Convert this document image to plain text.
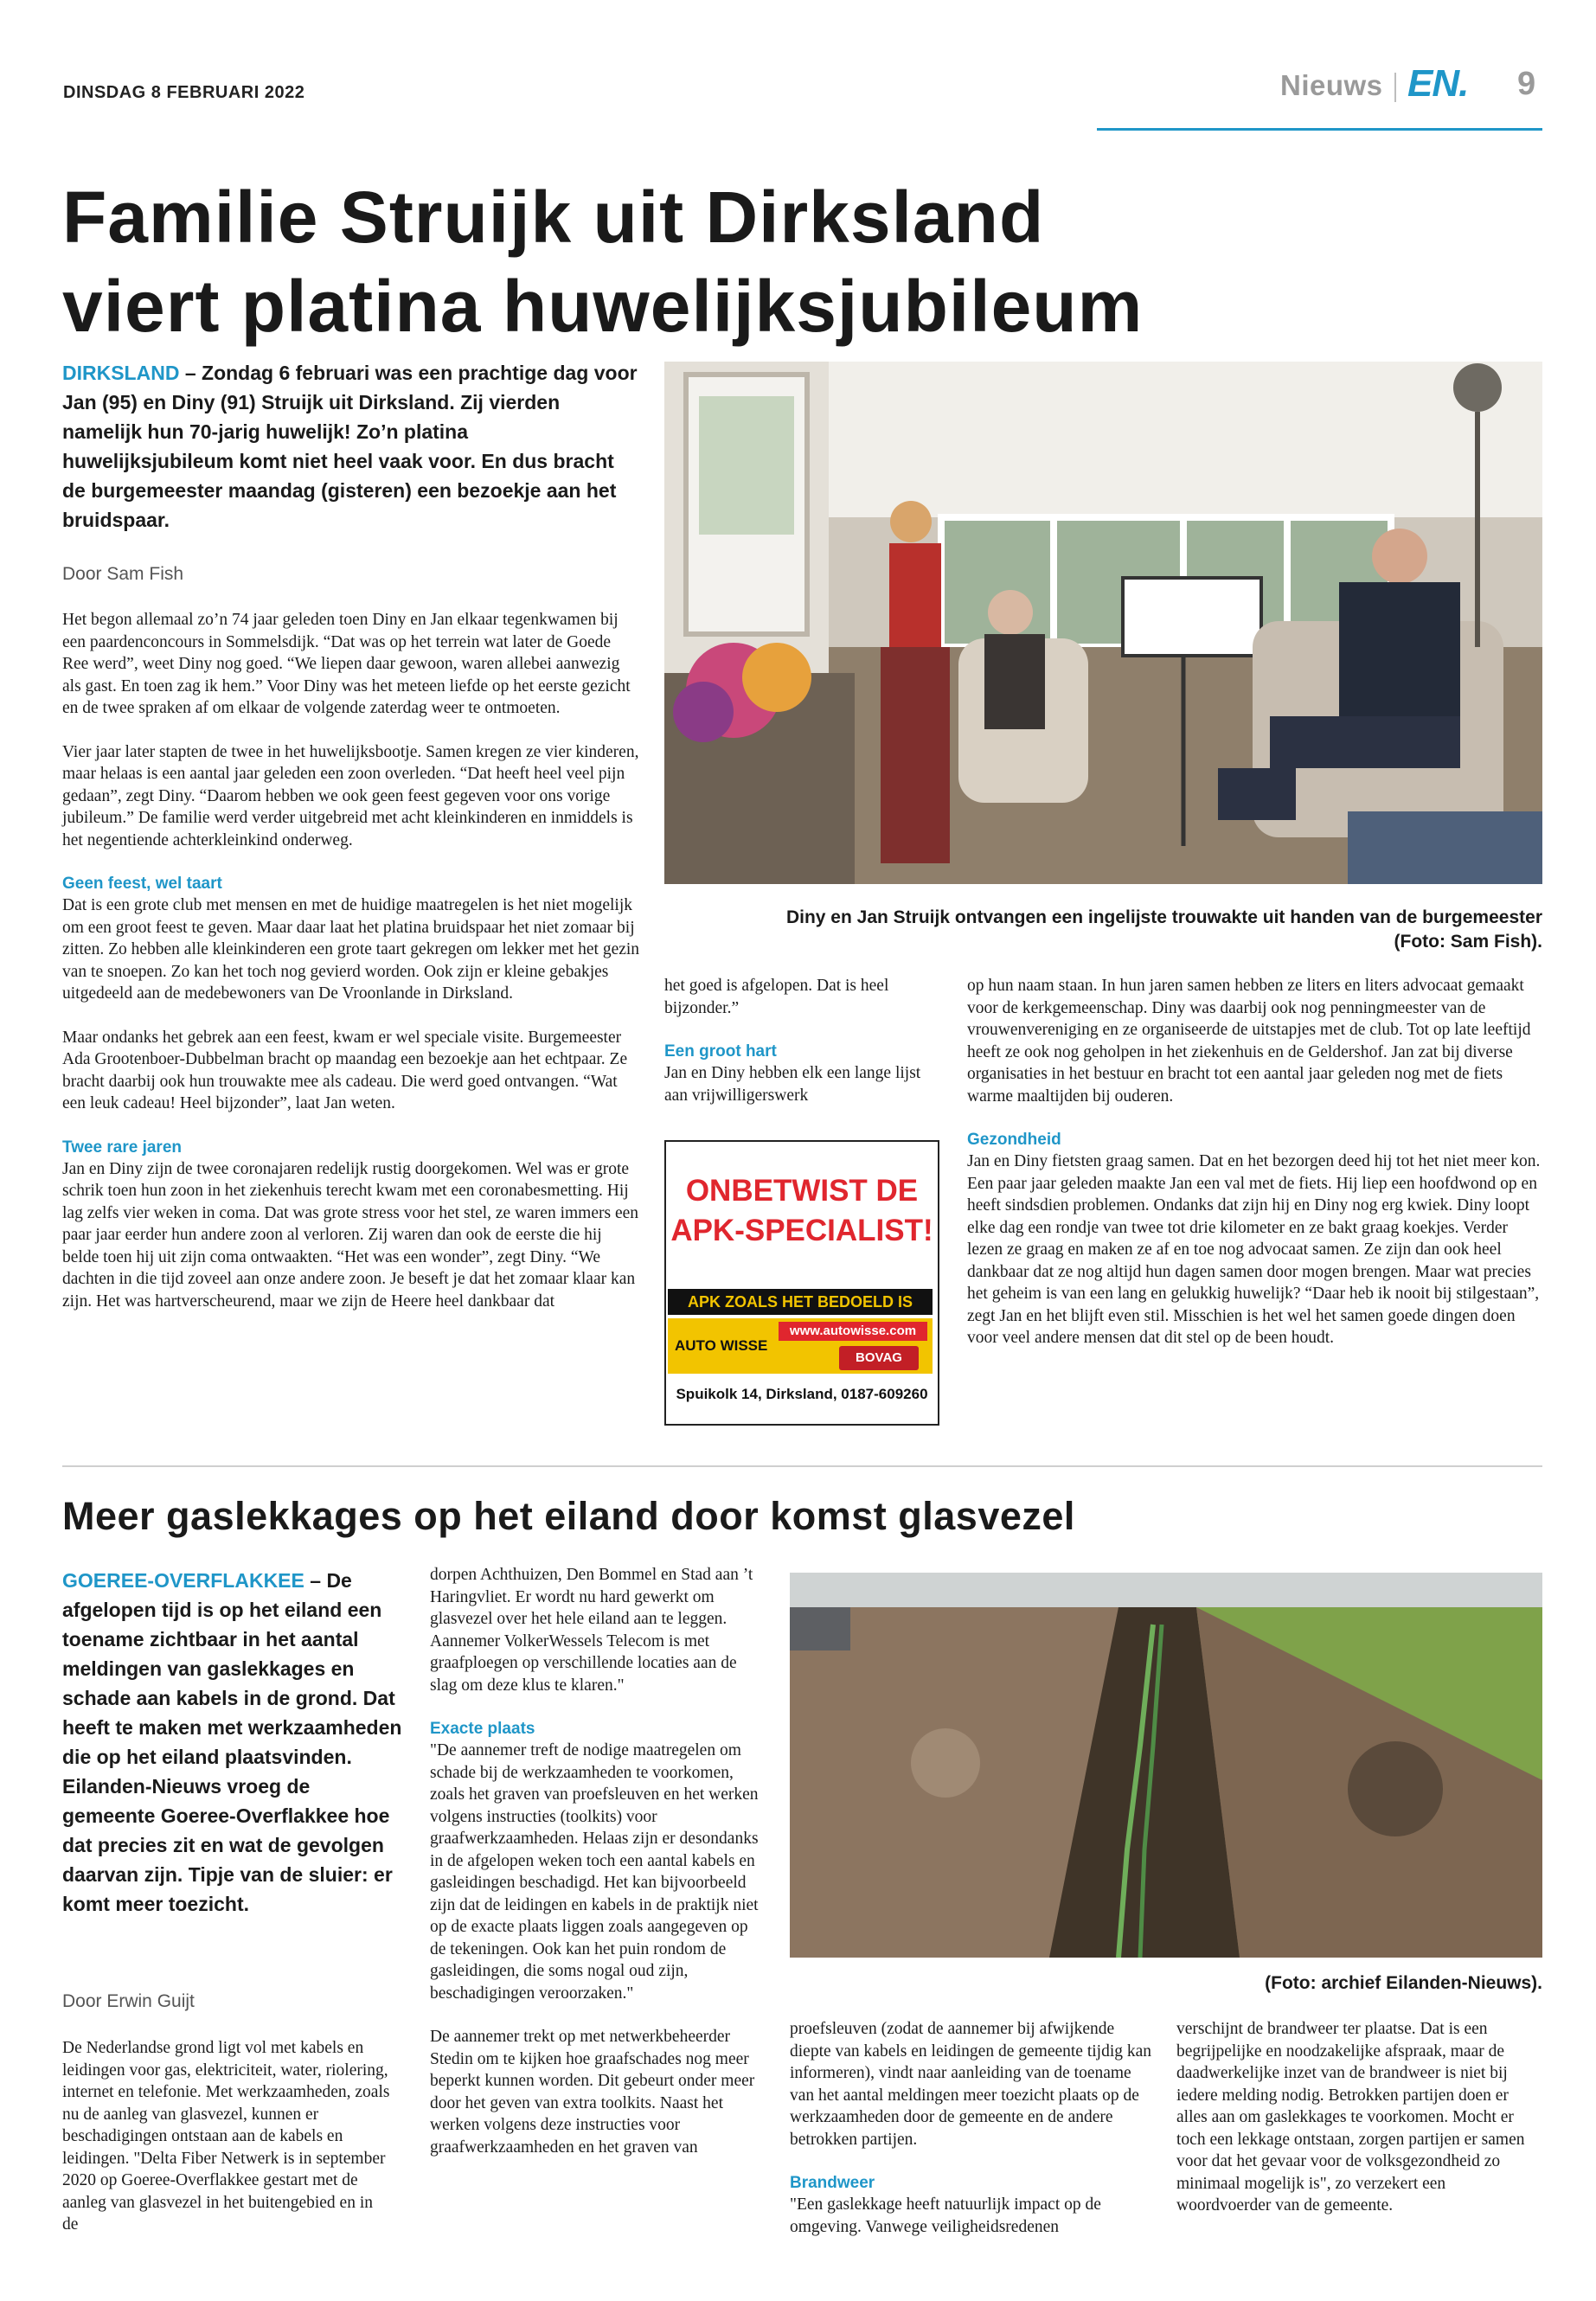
DINSDAG 8 FEBRUARI 2022	Nieuws EN. 9
Familie Struijk uit Dirksland
viert platina huwelijksjubileum
DIRKSLAND – Zondag 6 februari was een prachtige dag voor Jan (95) en Diny (91) Struijk uit Dirksland. Zij vierden namelijk hun 70-jarig huwelijk! Zo’n platina huwelijksjubileum komt niet heel vaak voor. En dus bracht de burgemeester maandag (gisteren) een bezoekje aan het bruidspaar.
Door Sam Fish

Het begon allemaal zo’n 74 jaar geleden toen Diny en Jan elkaar tegenkwamen bij een paardenconcours in Sommelsdijk. “Dat was op het terrein wat later de Goede Ree werd”, weet Diny nog goed. “We liepen daar gewoon, waren allebei aanwezig als gast. En toen zag ik hem.” Voor Diny was het meteen liefde op het eerste gezicht en de twee spraken af om elkaar de volgende zaterdag weer te ontmoeten.

Vier jaar later stapten de twee in het huwelijksbootje. Samen kregen ze vier kinderen, maar helaas is een aantal jaar geleden een zoon overleden. “Dat heeft heel veel pijn gedaan”, zegt Diny. “Daarom hebben we ook geen feest gegeven voor ons vorige jubileum.” De familie werd verder uitgebreid met acht kleinkinderen en inmiddels is het negentiende achterkleinkind onderweg.

Geen feest, wel taart

Dat is een grote club met mensen en met de huidige maatregelen is het niet mogelijk om een groot feest te geven. Maar daar laat het platina bruidspaar het niet zomaar bij zitten. Zo hebben alle kleinkinderen een grote taart gekregen om lekker met het gezin van te snoepen. Zo kan het toch nog gevierd worden. Ook zijn er kleine gebakjes uitgedeeld aan de medebewoners van De Vroonlande in Dirksland.

Maar ondanks het gebrek aan een feest, kwam er wel speciale visite. Burgemeester Ada Grootenboer-Dubbelman bracht op maandag een bezoekje aan het echtpaar. Ze bracht daarbij ook hun trouwakte mee als cadeau. Die werd goed ontvangen. “Wat een leuk cadeau! Heel bijzonder”, laat Jan weten.

Twee rare jaren

Jan en Diny zijn de twee coronajaren redelijk rustig doorgekomen. Wel was er grote schrik toen hun zoon in het ziekenhuis terecht kwam met een coronabesmetting. Hij lag zelfs vier weken in coma. Dat was grote stress voor het stel, ze waren immers een paar jaar eerder hun andere zoon al verloren. Zij waren dan ook de eerste die hij belde toen hij uit zijn coma ontwaakten. “Het was een wonder”, zegt Diny. “We dachten in die tijd zoveel aan onze andere zoon. Je beseft je dat het zomaar klaar kan zijn. Het was hartverscheurend, maar we zijn de Heere heel dankbaar dat

Diny en Jan Struijk ontvangen een ingelijste trouwakte uit handen van de burgemeester
(Foto: Sam Fish).

het goed is afgelopen. Dat is heel bijzonder.”

Een groot hart

Jan en Diny hebben elk een lange lijst aan vrijwilligerswerk

ONBETWIST DE
APK-SPECIALIST!
APK ZOALS HET BEDOELD IS
AUTO WISSE
www.autowisse.com
BOVAG
Spuikolk 14, Dirksland, 0187-609260

op hun naam staan. In hun jaren samen hebben ze liters en liters advocaat gemaakt voor de kerkgemeenschap. Diny was daarbij ook nog penningmeester van de vrouwenvereniging en ze organiseerde de uitstapjes met de club. Tot op late leeftijd heeft ze ook nog geholpen in het ziekenhuis en de Geldershof. Jan zat bij diverse organisaties in het bestuur en bracht tot een aantal jaar geleden nog met de fiets warme maaltijden bij ouderen.

Gezondheid

Jan en Diny fietsten graag samen. Dat en het bezorgen deed hij tot het niet meer kon. Een paar jaar geleden maakte Jan een val met de fiets. Hij liep een hoofdwond op en heeft sindsdien problemen. Ondanks dat zijn hij en Diny nog erg kwiek. Diny loopt elke dag een rondje van twee tot drie kilometer en ze bakt graag koekjes. Verder lezen ze graag en maken ze af en toe nog advocaat samen. Ze zijn dan ook heel dankbaar dat ze nog altijd hun dagen samen door mogen brengen. Maar wat precies het geheim is van een lang en gelukkig huwelijk? “Daar heb ik nooit bij stilgestaan”, zegt Jan en het blijft even stil. Misschien is het wel het samen goede dingen doen voor veel andere mensen dat dit stel op de been houdt.

Meer gaslekkages op het eiland door komst glasvezel
GOEREE-OVERFLAKKEE – De afgelopen tijd is op het eiland een toename zichtbaar in het aantal meldingen van gaslekkages en schade aan kabels in de grond. Dat heeft te maken met werkzaamheden die op het eiland plaatsvinden. Eilanden-Nieuws vroeg de gemeente Goeree-Overflakkee hoe dat precies zit en wat de gevolgen daarvan zijn. Tipje van de sluier: er komt meer toezicht.
Door Erwin Guijt

De Nederlandse grond ligt vol met kabels en leidingen voor gas, elektriciteit, water, riolering, internet en telefonie. Met werkzaamheden, zoals nu de aanleg van glasvezel, kunnen er beschadigingen ontstaan aan de kabels en leidingen. "Delta Fiber Netwerk is in september 2020 op Goeree-Overflakkee gestart met de aanleg van glasvezel in het buitengebied en in de

dorpen Achthuizen, Den Bommel en Stad aan ’t Haringvliet. Er wordt nu hard gewerkt om glasvezel over het hele eiland aan te leggen. Aannemer VolkerWessels Telecom is met graafploegen op verschillende locaties aan de slag om deze klus te klaren."

Exacte plaats

"De aannemer treft de nodige maatregelen om schade bij de werkzaamheden te voorkomen, zoals het graven van proefsleuven en het werken volgens instructies (toolkits) voor graafwerkzaamheden. Helaas zijn er desondanks in de afgelopen weken toch een aantal kabels en gasleidingen beschadigd. Het kan bijvoorbeeld zijn dat de leidingen en kabels in de praktijk niet op de exacte plaats liggen zoals aangegeven op de tekeningen. Ook kan het puin rondom de gasleidingen, die soms nogal oud zijn, beschadigingen veroorzaken."

De aannemer trekt op met netwerkbeheerder Stedin om te kijken hoe graafschades nog meer beperkt kunnen worden. Dit gebeurt onder meer door het geven van extra toolkits. Naast het werken volgens deze instructies voor graafwerkzaamheden en het graven van

(Foto: archief Eilanden-Nieuws).

proefsleuven (zodat de aannemer bij afwijkende diepte van kabels en leidingen de gemeente tijdig kan informeren), vindt naar aanleiding van de toename van het aantal meldingen meer toezicht plaats op de werkzaamheden door de gemeente en de andere betrokken partijen.

Brandweer

"Een gaslekkage heeft natuurlijk impact op de omgeving. Vanwege veiligheidsredenen

verschijnt de brandweer ter plaatse. Dat is een begrijpelijke en noodzakelijke afspraak, maar de daadwerkelijke inzet van de brandweer is niet bij iedere melding nodig. Betrokken partijen doen er alles aan om gaslekkages te voorkomen. Mocht er toch een lekkage ontstaan, zorgen partijen er samen voor dat het gevaar voor de volksgezondheid zo minimaal mogelijk is", zo verzekert een woordvoerder van de gemeente.
